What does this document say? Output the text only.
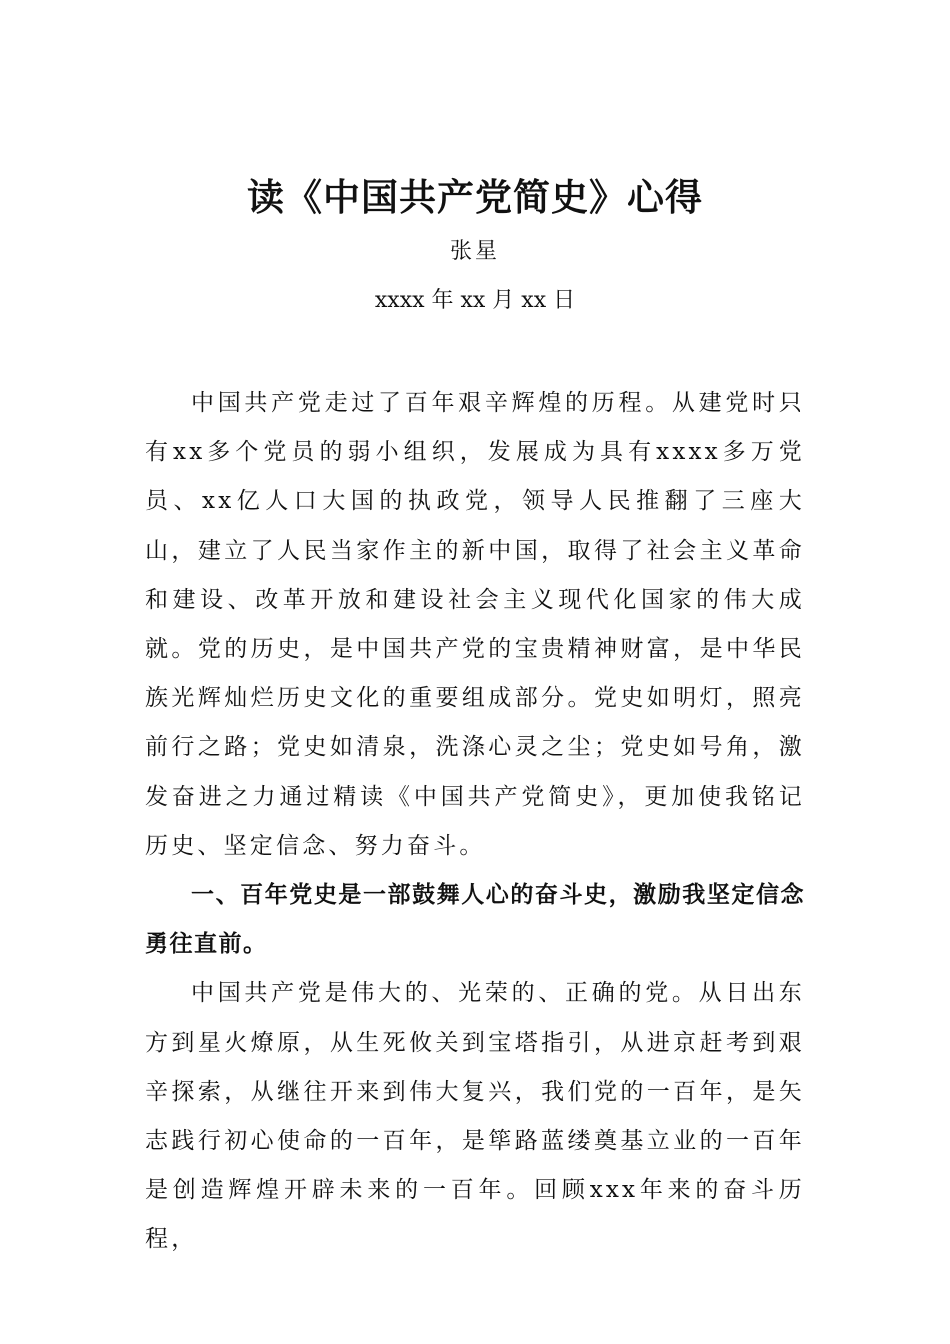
读《中国共产党简史》心得
张星
xxxx 年 xx 月 xx 日

中国共产党走过了百年艰辛辉煌的历程。从建党时只有xx多个党员的弱小组织，发展成为具有xxxx多万党员、xx亿人口大国的执政党，领导人民推翻了三座大山，建立了人民当家作主的新中国，取得了社会主义革命和建设、改革开放和建设社会主义现代化国家的伟大成就。党的历史，是中国共产党的宝贵精神财富，是中华民族光辉灿烂历史文化的重要组成部分。党史如明灯，照亮前行之路；党史如清泉，洗涤心灵之尘；党史如号角，激发奋进之力通过精读《中国共产党简史》，更加使我铭记历史、坚定信念、努力奋斗。

一、百年党史是一部鼓舞人心的奋斗史，激励我坚定信念勇往直前。

中国共产党是伟大的、光荣的、正确的党。从日出东方到星火燎原，从生死攸关到宝塔指引，从进京赶考到艰辛探索，从继往开来到伟大复兴，我们党的一百年，是矢志践行初心使命的一百年，是筚路蓝缕奠基立业的一百年是创造辉煌开辟未来的一百年。回顾xxx年来的奋斗历程，
